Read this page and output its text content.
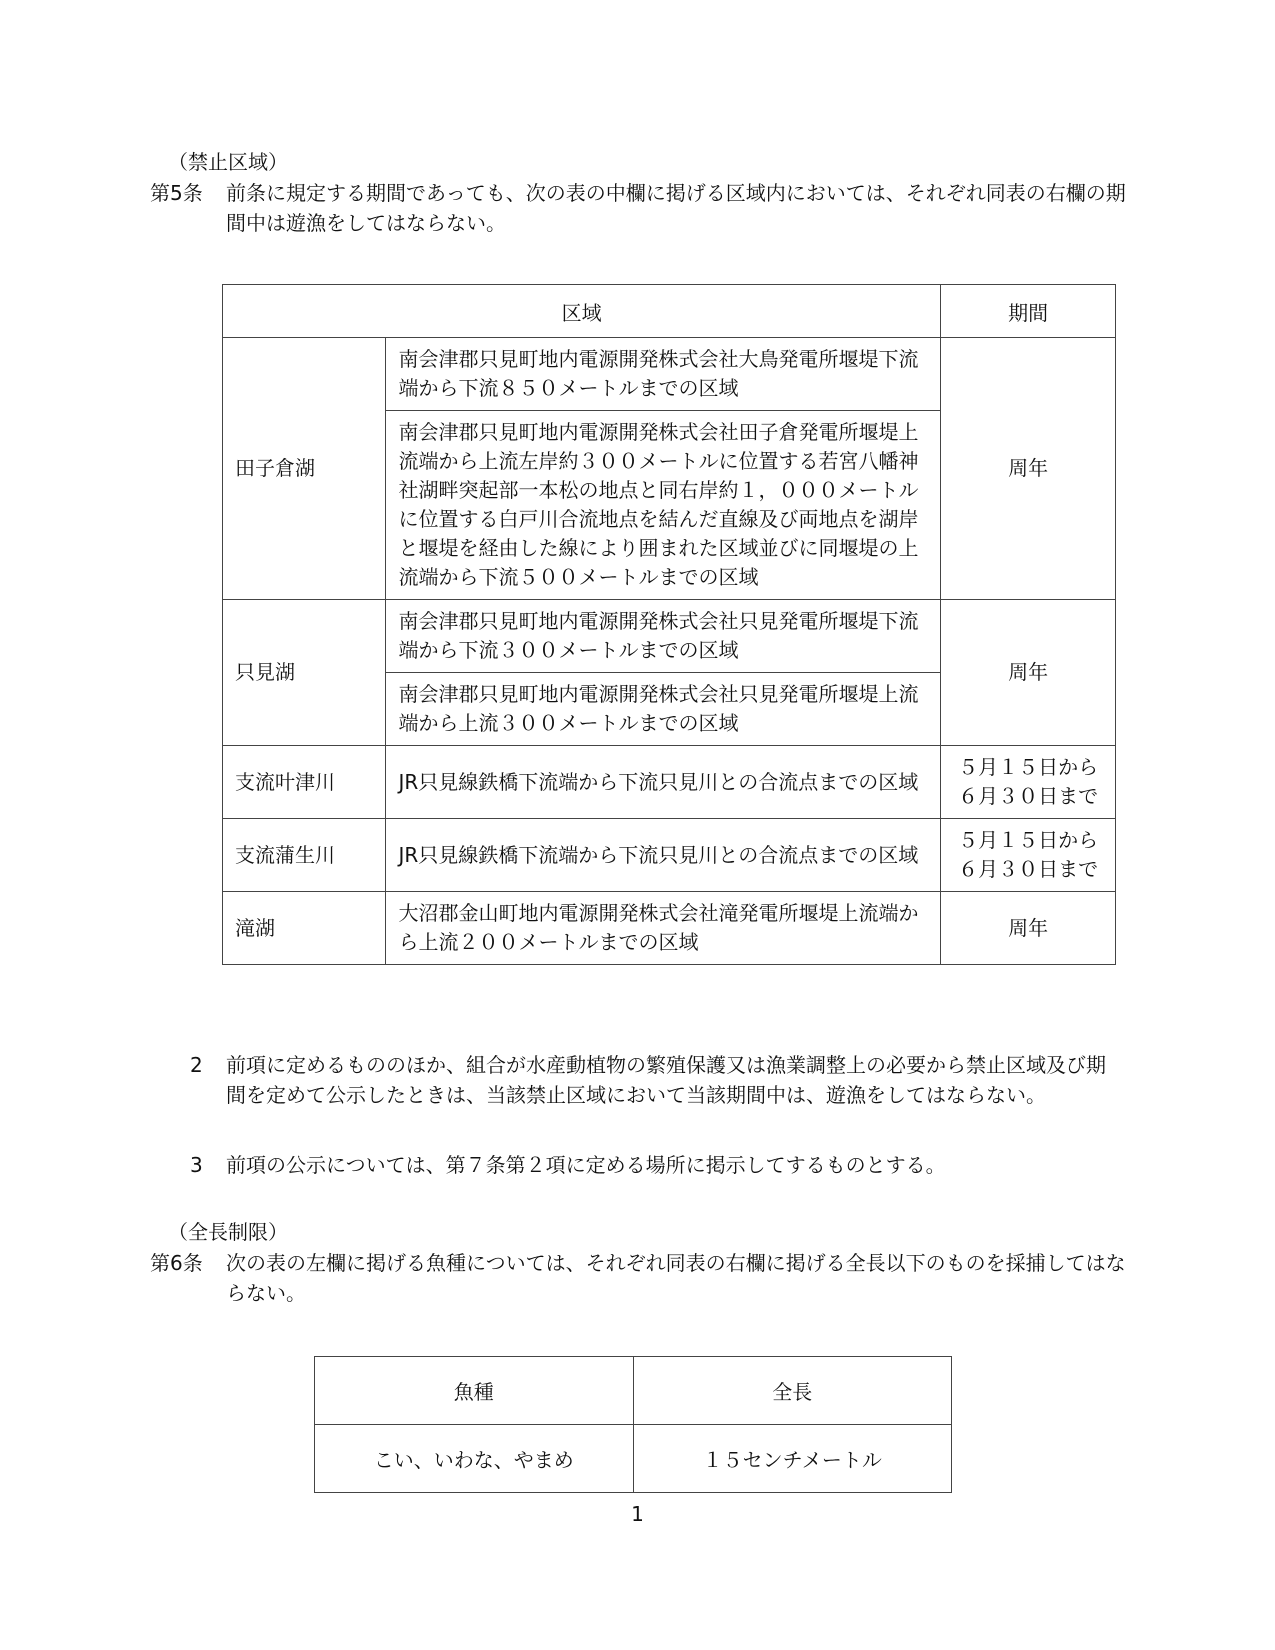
（禁止区域）
第5条 前条に規定する期間であっても、次の表の中欄に掲げる区域内においては、それぞれ同表の右欄の期間中は遊漁をしてはならない。
区域		期間
田子倉湖	南会津郡只見町地内電源開発株式会社大鳥発電所堰堤下流端から下流８５０メートルまでの区域	周年
	南会津郡只見町地内電源開発株式会社田子倉発電所堰堤上流端から上流左岸約３００メートルに位置する若宮八幡神社湖畔突起部一本松の地点と同右岸約１，０００メートルに位置する白戸川合流地点を結んだ直線及び両地点を湖岸と堰堤を経由した線により囲まれた区域並びに同堰堤の上流端から下流５００メートルまでの区域	
只見湖	南会津郡只見町地内電源開発株式会社只見発電所堰堤下流端から下流３００メートルまでの区域	周年
	南会津郡只見町地内電源開発株式会社只見発電所堰堤上流端から上流３００メートルまでの区域	
支流叶津川	JR只見線鉄橋下流端から下流只見川との合流点までの区域	５月１５日から
６月３０日まで

支流蒲生川	JR只見線鉄橋下流端から下流只見川との合流点までの区域	５月１５日から
６月３０日まで

滝湖	大沼郡金山町地内電源開発株式会社滝発電所堰堤上流端から上流２００メートルまでの区域	周年
2 前項に定めるもののほか、組合が水産動植物の繁殖保護又は漁業調整上の必要から禁止区域及び期間を定めて公示したときは、当該禁止区域において当該期間中は、遊漁をしてはならない。
3 前項の公示については、第７条第２項に定める場所に掲示してするものとする。
（全長制限）
第6条 次の表の左欄に掲げる魚種については、それぞれ同表の右欄に掲げる全長以下のものを採捕してはならない。
魚種	全長
こい、いわな、やまめ	１５センチメートル
1
